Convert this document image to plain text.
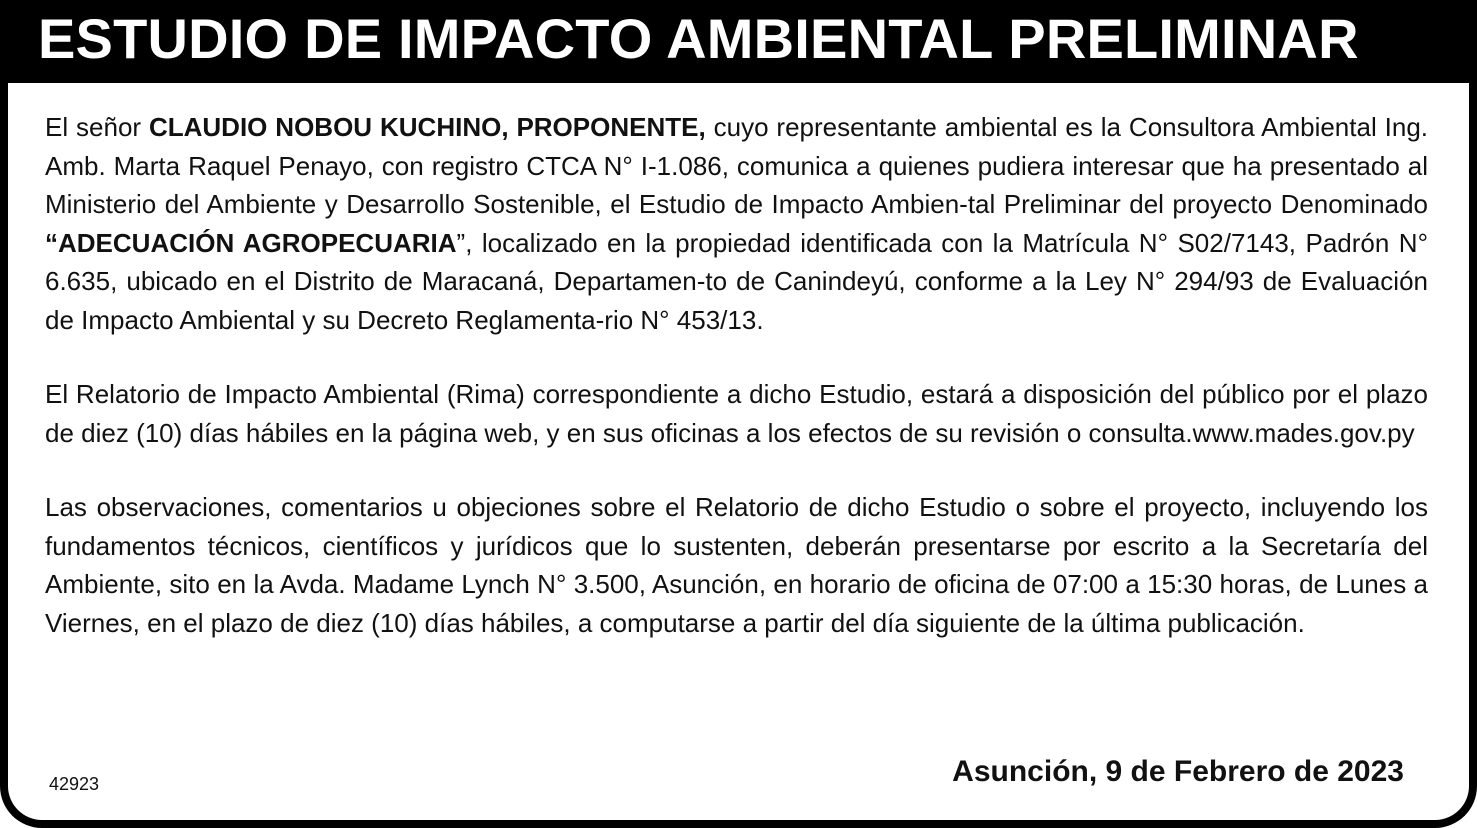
ESTUDIO DE IMPACTO AMBIENTAL PRELIMINAR

El señor CLAUDIO NOBOU KUCHINO, PROPONENTE, cuyo representante ambiental es la Consultora Ambiental Ing. Amb. Marta Raquel Penayo, con registro CTCA N° I-1.086, comunica a quienes pudiera interesar que ha presentado al Ministerio del Ambiente y Desarrollo Sostenible, el Estudio de Impacto Ambien-tal Preliminar del proyecto Denominado “ADECUACIÓN AGROPECUARIA”, localizado en la propiedad identificada con la Matrícula N° S02/7143, Padrón N° 6.635, ubicado en el Distrito de Maracaná, Departamen-to de Canindeyú, conforme a la Ley N° 294/93 de Evaluación de Impacto Ambiental y su Decreto Reglamenta-rio N° 453/13.

El Relatorio de Impacto Ambiental (Rima) correspondiente a dicho Estudio, estará a disposición del público por el plazo de diez (10) días hábiles en la página web, y en sus oficinas a los efectos de su revisión o consulta.www.mades.gov.py

Las observaciones, comentarios u objeciones sobre el Relatorio de dicho Estudio o sobre el proyecto, incluyendo los fundamentos técnicos, científicos y jurídicos que lo sustenten, deberán presentarse por escrito a la Secretaría del Ambiente, sito en la Avda. Madame Lynch N° 3.500, Asunción, en horario de oficina de 07:00 a 15:30 horas, de Lunes a Viernes, en el plazo de diez (10) días hábiles, a computarse a partir del día siguiente de la última publicación.

42923	Asunción, 9 de Febrero de 2023
